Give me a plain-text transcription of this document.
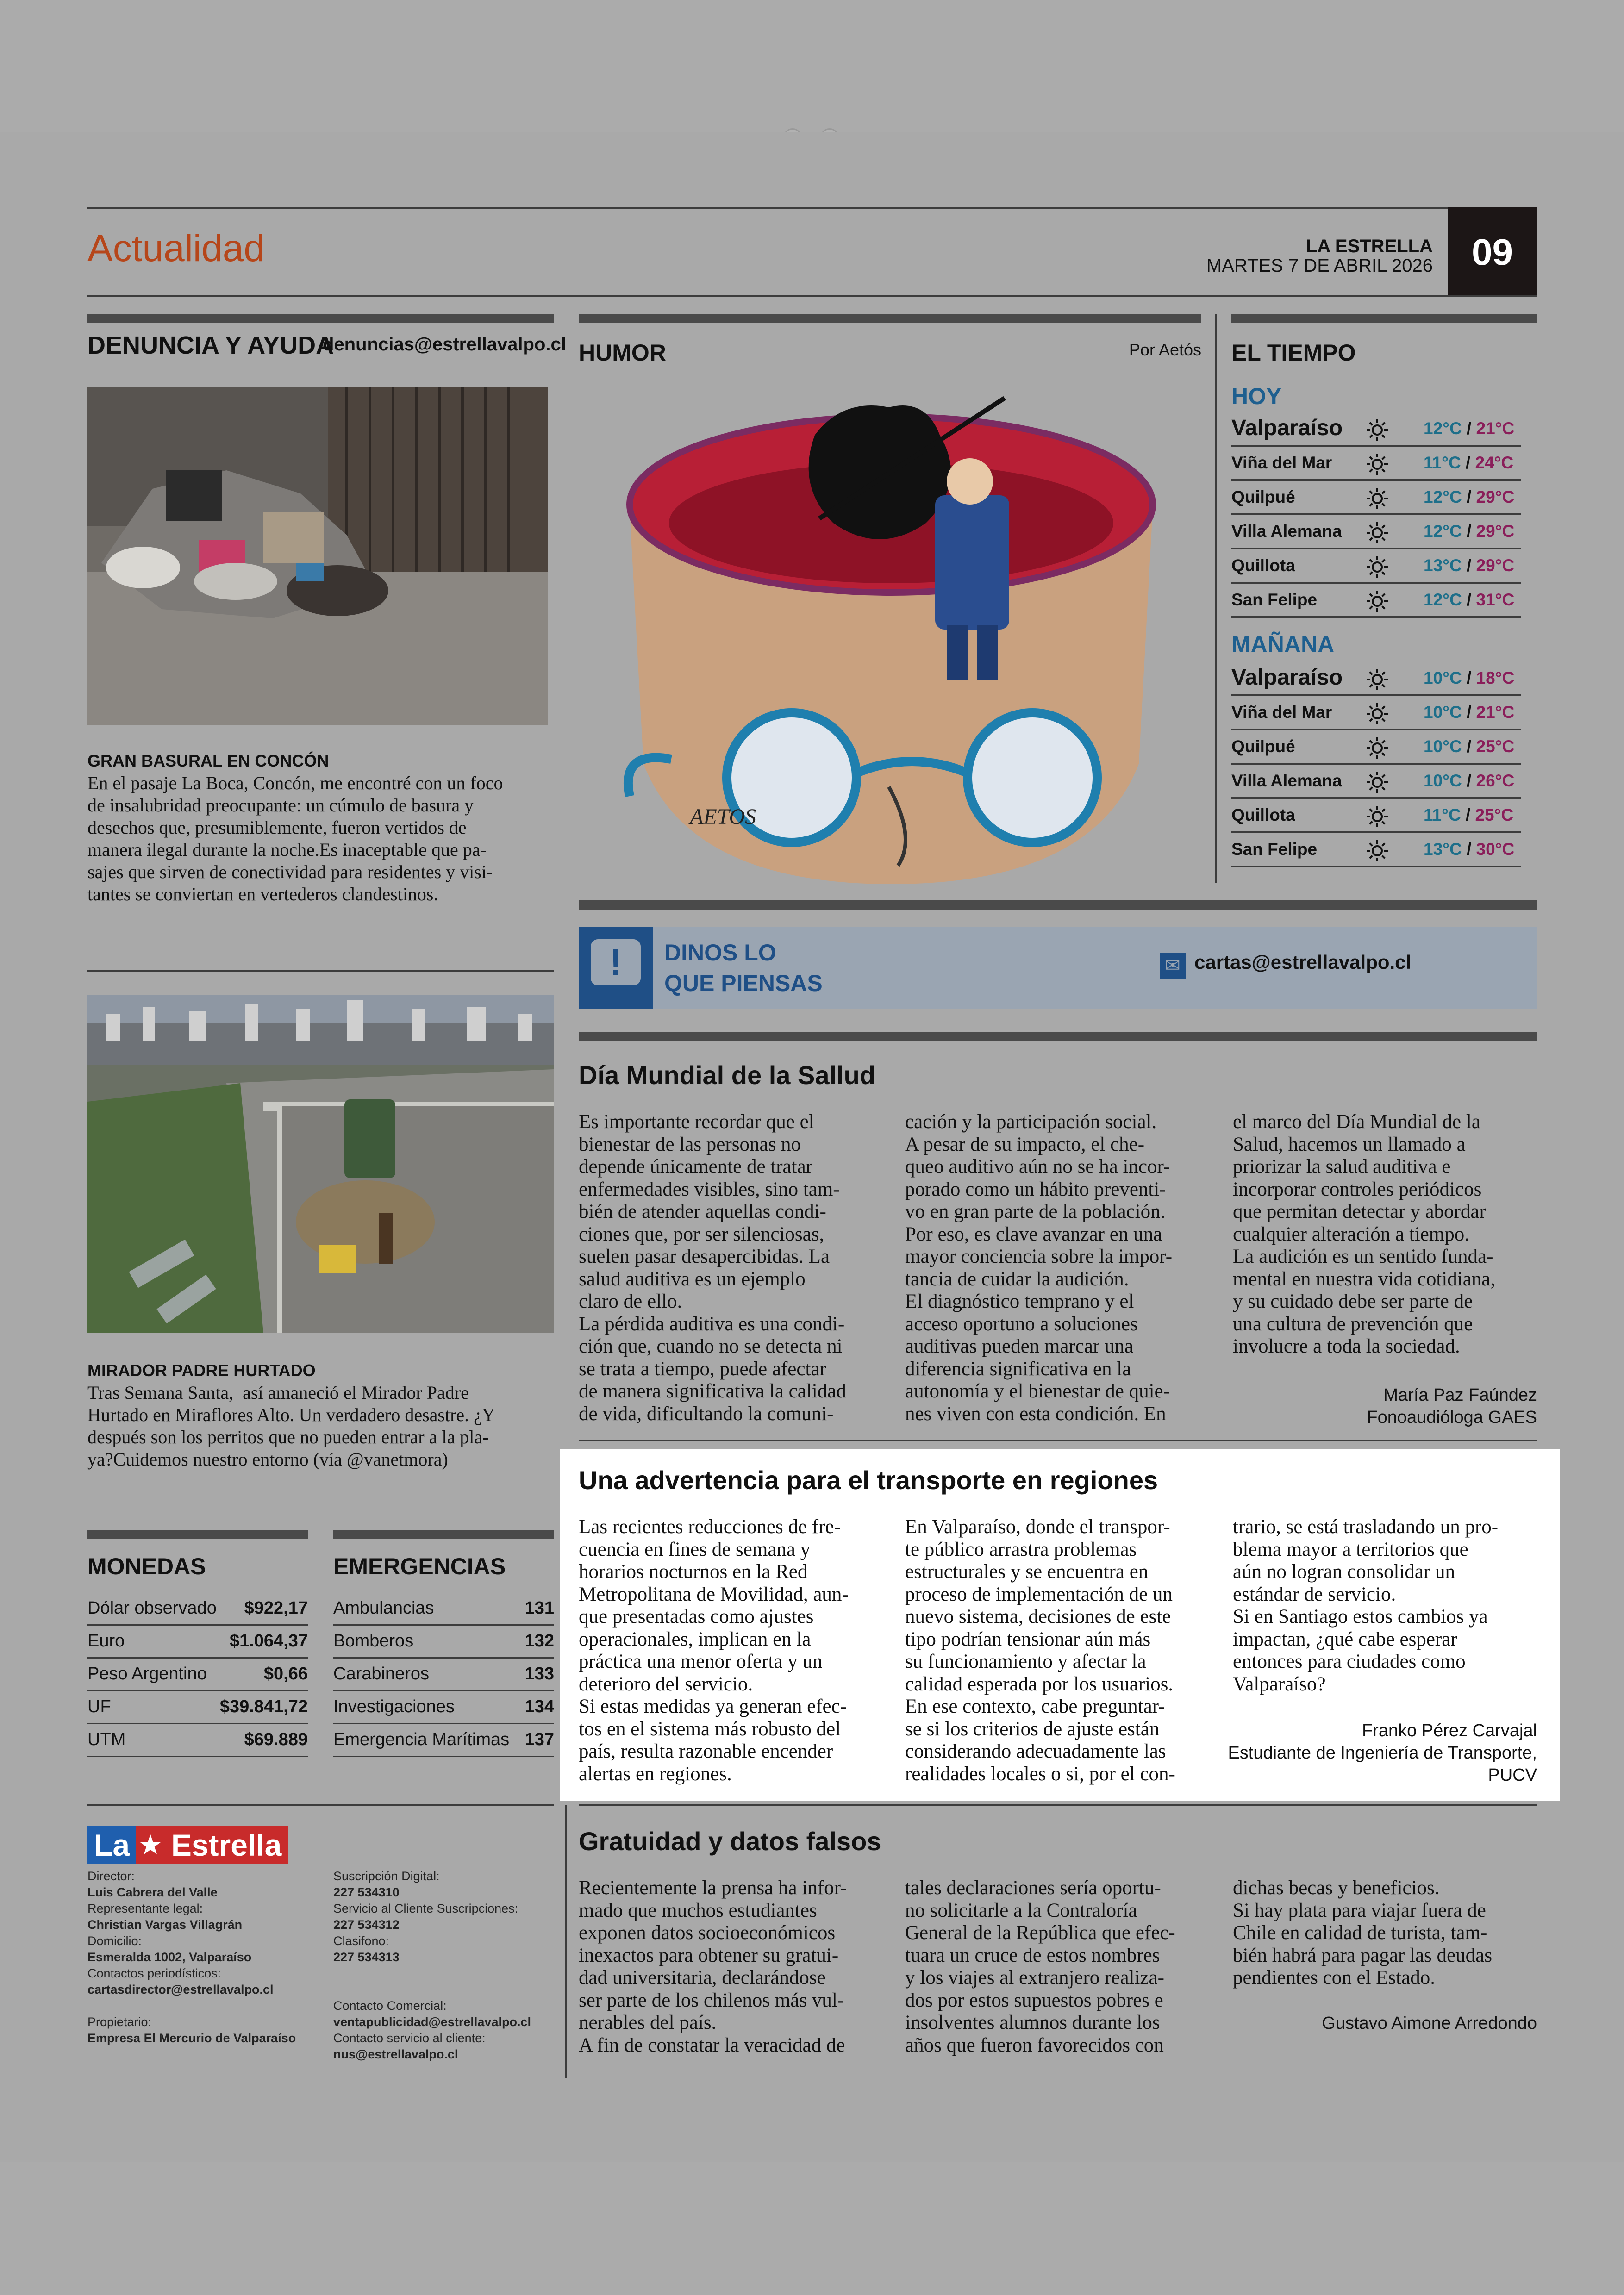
Actualidad	LA ESTRELLA
MARTES 7 DE ABRIL 2026	09
DENUNCIA Y AYUDA
denuncias@estrellavalpo.cl
GRAN BASURAL EN CONCÓN
En el pasaje La Boca, Concón, me encontré con un foco
de insalubridad preocupante: un cúmulo de basura y
desechos que, presumiblemente, fueron vertidos de
manera ilegal durante la noche.Es inaceptable que pa-
sajes que sirven de conectividad para residentes y visi-
tantes se conviertan en vertederos clandestinos.
MIRADOR PADRE HURTADO
Tras Semana Santa,  así amaneció el Mirador Padre
Hurtado en Miraflores Alto. Un verdadero desastre. ¿Y
después son los perritos que no pueden entrar a la pla-
ya?Cuidemos nuestro entorno (vía @vanetmora)
MONEDAS
Dólar observado $922,17
Euro	$1.064,37
Peso Argentino	$0,66
UF	$39.841,72
UTM	$69.889
EMERGENCIAS
Ambulancias	131
Bomberos	132
Carabineros	133
Investigaciones	134
Emergencia Marítimas 137
La ★ Estrella
Director:
Luis Cabrera del Valle
Representante legal:
Christian Vargas Villagrán
Domicilio:
Esmeralda 1002, Valparaíso
Contactos periodísticos:
cartasdirector@estrellavalpo.cl
Propietario:
Empresa El Mercurio de Valparaíso
Suscripción Digital:
227 534310
Servicio al Cliente Suscripciones:
227 534312
Clasifono:
227 534313
Contacto Comercial:
ventapublicidad@estrellavalpo.cl
Contacto servicio al cliente:
nus@estrellavalpo.cl
HUMOR	Por Aetós
AETOS
EL TIEMPO
HOY
Valparaíso	12°C / 21°C
Viña del Mar	11°C / 24°C
Quilpué	12°C / 29°C
Villa Alemana	12°C / 29°C
Quillota	13°C / 29°C
San Felipe	12°C / 31°C
MAÑANA
Valparaíso	10°C / 18°C
Viña del Mar	10°C / 21°C
Quilpué	10°C / 25°C
Villa Alemana	10°C / 26°C
Quillota	11°C / 25°C
San Felipe	13°C / 30°C
!	DINOS LO
QUE PIENSAS
✉ cartas@estrellavalpo.cl
Día Mundial de la Sallud
Es importante recordar que el
bienestar de las personas no
depende únicamente de tratar
enfermedades visibles, sino tam-
bién de atender aquellas condi-
ciones que, por ser silenciosas,
suelen pasar desapercibidas. La
salud auditiva es un ejemplo
claro de ello.
La pérdida auditiva es una condi-
ción que, cuando no se detecta ni
se trata a tiempo, puede afectar
de manera significativa la calidad
de vida, dificultando la comuni-
cación y la participación social.
A pesar de su impacto, el che-
queo auditivo aún no se ha incor-
porado como un hábito preventi-
vo en gran parte de la población.
Por eso, es clave avanzar en una
mayor conciencia sobre la impor-
tancia de cuidar la audición.
El diagnóstico temprano y el
acceso oportuno a soluciones
auditivas pueden marcar una
diferencia significativa en la
autonomía y el bienestar de quie-
nes viven con esta condición. En
el marco del Día Mundial de la
Salud, hacemos un llamado a
priorizar la salud auditiva e
incorporar controles periódicos
que permitan detectar y abordar
cualquier alteración a tiempo.
La audición es un sentido funda-
mental en nuestra vida cotidiana,
y su cuidado debe ser parte de
una cultura de prevención que
involucre a toda la sociedad.
María Paz Faúndez
Fonoaudióloga GAES
Una advertencia para el transporte en regiones
Las recientes reducciones de fre-
cuencia en fines de semana y
horarios nocturnos en la Red
Metropolitana de Movilidad, aun-
que presentadas como ajustes
operacionales, implican en la
práctica una menor oferta y un
deterioro del servicio.
Si estas medidas ya generan efec-
tos en el sistema más robusto del
país, resulta razonable encender
alertas en regiones.
En Valparaíso, donde el transpor-
te público arrastra problemas
estructurales y se encuentra en
proceso de implementación de un
nuevo sistema, decisiones de este
tipo podrían tensionar aún más
su funcionamiento y afectar la
calidad esperada por los usuarios.
En ese contexto, cabe preguntar-
se si los criterios de ajuste están
considerando adecuadamente las
realidades locales o si, por el con-
trario, se está trasladando un pro-
blema mayor a territorios que
aún no logran consolidar un
estándar de servicio.
Si en Santiago estos cambios ya
impactan, ¿qué cabe esperar
entonces para ciudades como
Valparaíso?
Franko Pérez Carvajal
Estudiante de Ingeniería de Transporte,
PUCV
Gratuidad y datos falsos
Recientemente la prensa ha infor-
mado que muchos estudiantes
exponen datos socioeconómicos
inexactos para obtener su gratui-
dad universitaria, declarándose
ser parte de los chilenos más vul-
nerables del país.
A fin de constatar la veracidad de
tales declaraciones sería oportu-
no solicitarle a la Contraloría
General de la República que efec-
tuara un cruce de estos nombres
y los viajes al extranjero realiza-
dos por estos supuestos pobres e
insolventes alumnos durante los
años que fueron favorecidos con
dichas becas y beneficios.
Si hay plata para viajar fuera de
Chile en calidad de turista, tam-
bién habrá para pagar las deudas
pendientes con el Estado.
Gustavo Aimone Arredondo
